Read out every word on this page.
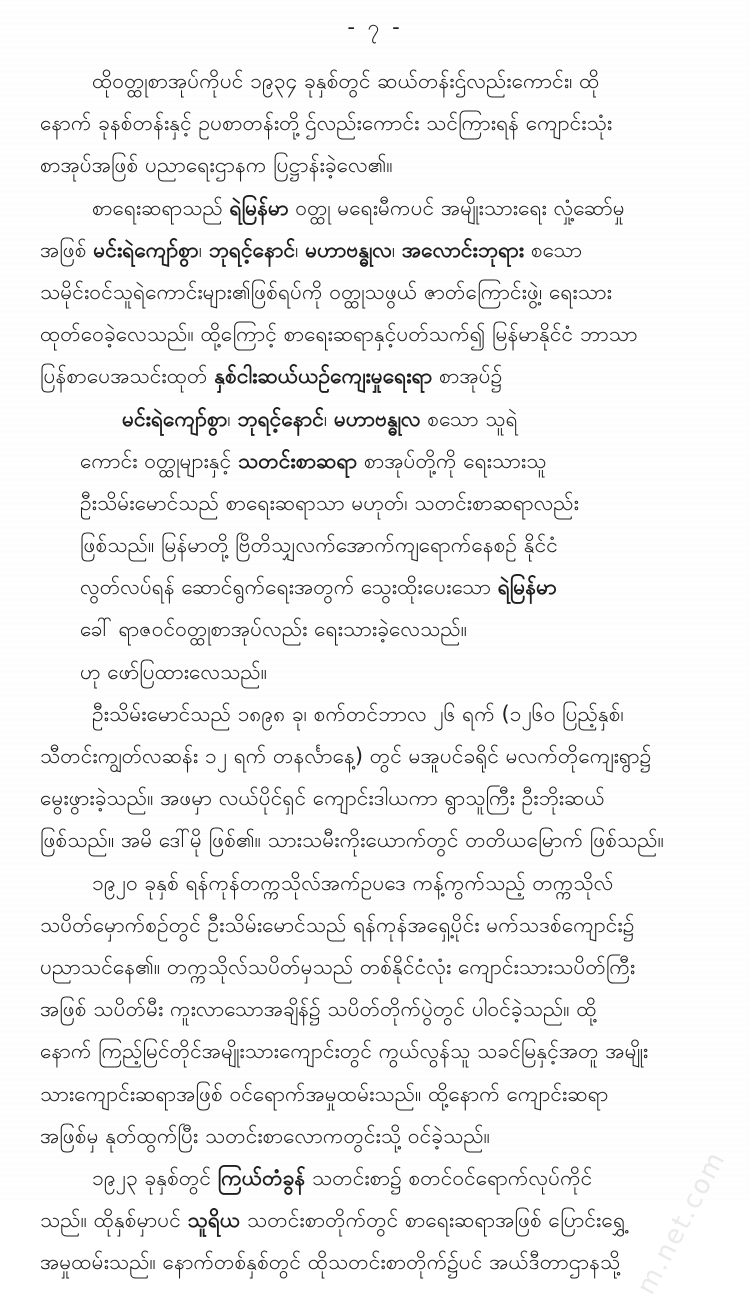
- ၇ -
ထို၀တ္ထုစာအုပ်ကိုပင် ၁၉၃၄ ခုနှစ်တွင် ဆယ်တန်းဌ်လည်းကောင်း၊ ထို
နောက် ခုနစ်တန်းနှင့် ဥပစာတန်းတို့ဌ်လည်းကောင်း သင်ကြားရန် ကျောင်းသုံး
စာအုပ်အဖြစ် ပညာရေးဌာနက ပြဋ္ဌာန်းခဲ့လေ၏။
စာရေးဆရာသည် ရဲမြန်မာ ၀တ္ထု မရေးမီကပင် အမျိုးသားရေး လှုံ့ဆော်မှု
အဖြစ် မင်းရဲကျော်စွာ၊ ဘုရင့်နောင်၊ မဟာဗန္ဓုလ၊ အလောင်းဘုရား စသော
သမိုင်း၀င်သူရဲကောင်းများ၏ဖြစ်ရပ်ကို ၀တ္ထုသဖွယ် ဇာတ်ကြောင်းဖွဲ့၊ ရေးသား
ထုတ်ဝေခဲ့လေသည်။ ထို့ကြောင့် စာရေးဆရာနှင့်ပတ်သက်၍ မြန်မာနိုင်ငံ ဘာသာ
ပြန်စာပေအသင်းထုတ် နှစ်ငါးဆယ်ယဉ်ကျေးမှုရေးရာ စာအုပ်၌
မင်းရဲကျော်စွာ၊ ဘုရင့်နောင်၊ မဟာဗန္ဓုလ စသော သူရဲ
ကောင်း ၀တ္ထုများနှင့် သတင်းစာဆရာ စာအုပ်တို့ကို ရေးသားသူ
ဦးသိမ်းမောင်သည် စာရေးဆရာသာ မဟုတ်၊ သတင်းစာဆရာလည်း
ဖြစ်သည်။ မြန်မာတို့ ဗြိတိသျှလက်အောက်ကျရောက်နေစဉ် နိုင်ငံ
လွတ်လပ်ရန် ဆောင်ရွက်ရေးအတွက် သွေးထိုးပေးသော ရဲမြန်မာ
ခေါ် ရာဇ၀င်၀တ္ထုစာအုပ်လည်း ရေးသားခဲ့လေသည်။
ဟု ဖော်ပြထားလေသည်။
ဦးသိမ်းမောင်သည် ၁၈၉၈ ခု၊ စက်တင်ဘာလ ၂၆ ရက် (၁၂၆၀ ပြည့်နှစ်၊
သီတင်းကျွတ်လဆန်း ၁၂ ရက် တနင်္လာနေ့) တွင် မအူပင်ခရိုင် မလက်တိုကျေးရွာ၌
မွေးဖွားခဲ့သည်။ အဖမှာ လယ်ပိုင်ရှင် ကျောင်းဒါယကာ ရွာသူကြီး ဦးဘိုးဆယ်
ဖြစ်သည်။ အမိ ဒေါ်မို ဖြစ်၏။ သားသမီးကိုးယောက်တွင် တတိယမြောက် ဖြစ်သည်။
၁၉၂၀ ခုနှစ် ရန်ကုန်တက္ကသိုလ်အက်ဥပဒေ ကန့်ကွက်သည့် တက္ကသိုလ်
သပိတ်မှောက်စဉ်တွင် ဦးသိမ်းမောင်သည် ရန်ကုန်အရှေ့ပိုင်း မက်သဒစ်ကျောင်း၌
ပညာသင်နေ၏။ တက္ကသိုလ်သပိတ်မှသည် တစ်နိုင်ငံလုံး ကျောင်းသားသပိတ်ကြီး
အဖြစ် သပိတ်မီး ကူးလာသောအချိန်၌ သပိတ်တိုက်ပွဲတွင် ပါ၀င်ခဲ့သည်။ ထို့
နောက် ကြည့်မြင်တိုင်အမျိုးသားကျောင်းတွင် ကွယ်လွန်သူ သခင်မြနှင့်အတူ အမျိုး
သားကျောင်းဆရာအဖြစ် ဝင်ရောက်အမှုထမ်းသည်။ ထို့နောက် ကျောင်းဆရာ
အဖြစ်မှ နုတ်ထွက်ပြီး သတင်းစာလောကတွင်းသို့ ၀င်ခဲ့သည်။
၁၉၂၃ ခုနှစ်တွင် ကြယ်တံခွန် သတင်းစာ၌ စတင်ဝင်ရောက်လုပ်ကိုင်
သည်။ ထိုနှစ်မှာပင် သူရိယ သတင်းစာတိုက်တွင် စာရေးဆရာအဖြစ် ပြောင်းရွှေ့
အမှုထမ်းသည်။ နောက်တစ်နှစ်တွင် ထိုသတင်းစာတိုက်၌ပင် အယ်ဒီတာဌာနသို့ m.net.com
